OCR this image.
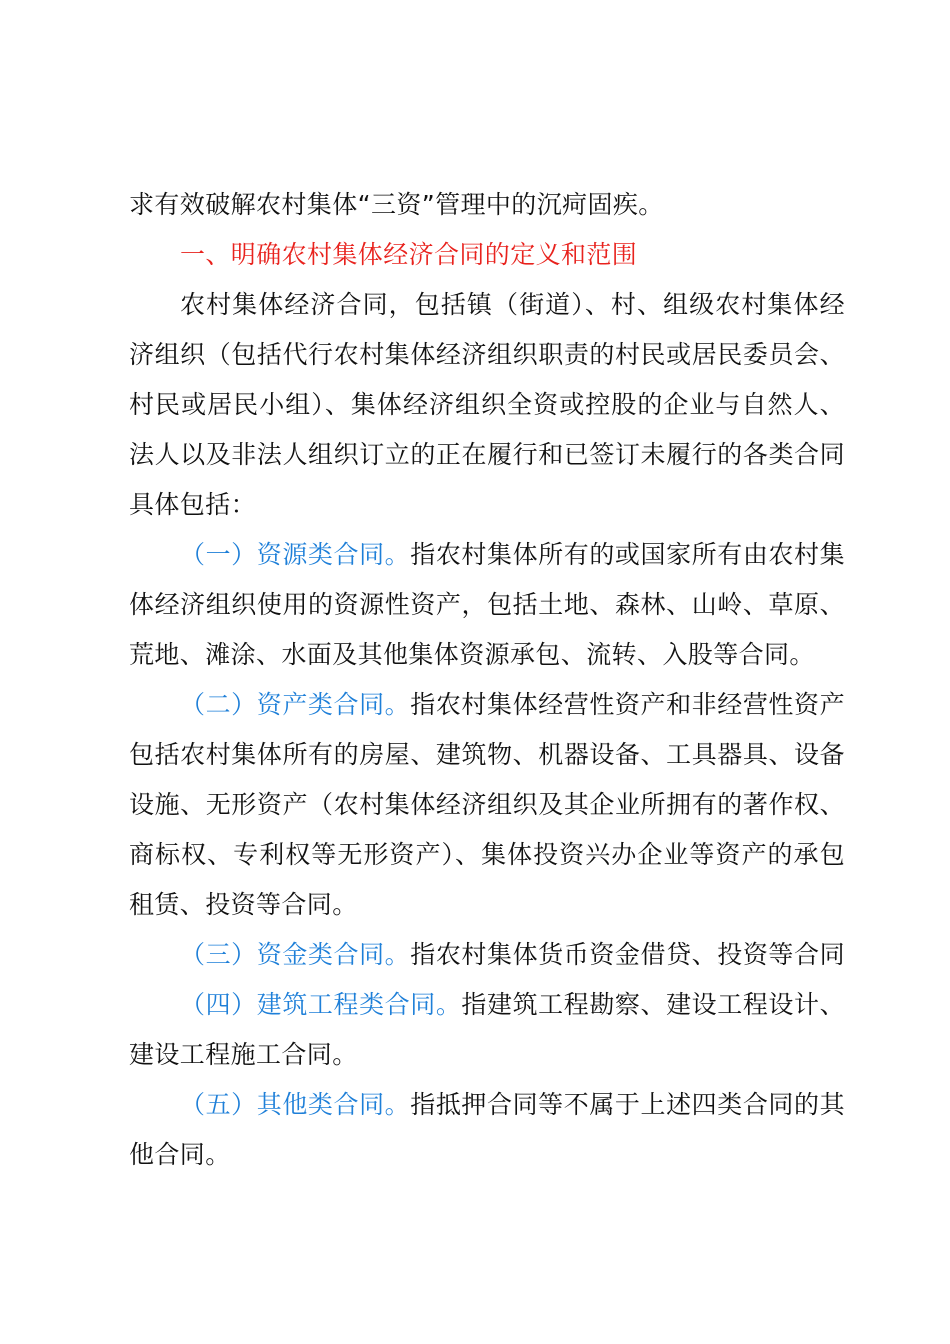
求有效破解农村集体“三资”管理中的沉疴固疾。
一、明确农村集体经济合同的定义和范围
农村集体经济合同，包括镇（街道）、村、组级农村集体经
济组织（包括代行农村集体经济组织职责的村民或居民委员会、
村民或居民小组）、集体经济组织全资或控股的企业与自然人、
法人以及非法人组织订立的正在履行和已签订未履行的各类合同
具体包括：
（一）资源类合同。指农村集体所有的或国家所有由农村集
体经济组织使用的资源性资产，包括土地、森林、山岭、草原、
荒地、滩涂、水面及其他集体资源承包、流转、入股等合同。
（二）资产类合同。指农村集体经营性资产和非经营性资产
包括农村集体所有的房屋、建筑物、机器设备、工具器具、设备
设施、无形资产（农村集体经济组织及其企业所拥有的著作权、
商标权、专利权等无形资产）、集体投资兴办企业等资产的承包
租赁、投资等合同。
（三）资金类合同。指农村集体货币资金借贷、投资等合同
（四）建筑工程类合同。指建筑工程勘察、建设工程设计、
建设工程施工合同。
（五）其他类合同。指抵押合同等不属于上述四类合同的其
他合同。
